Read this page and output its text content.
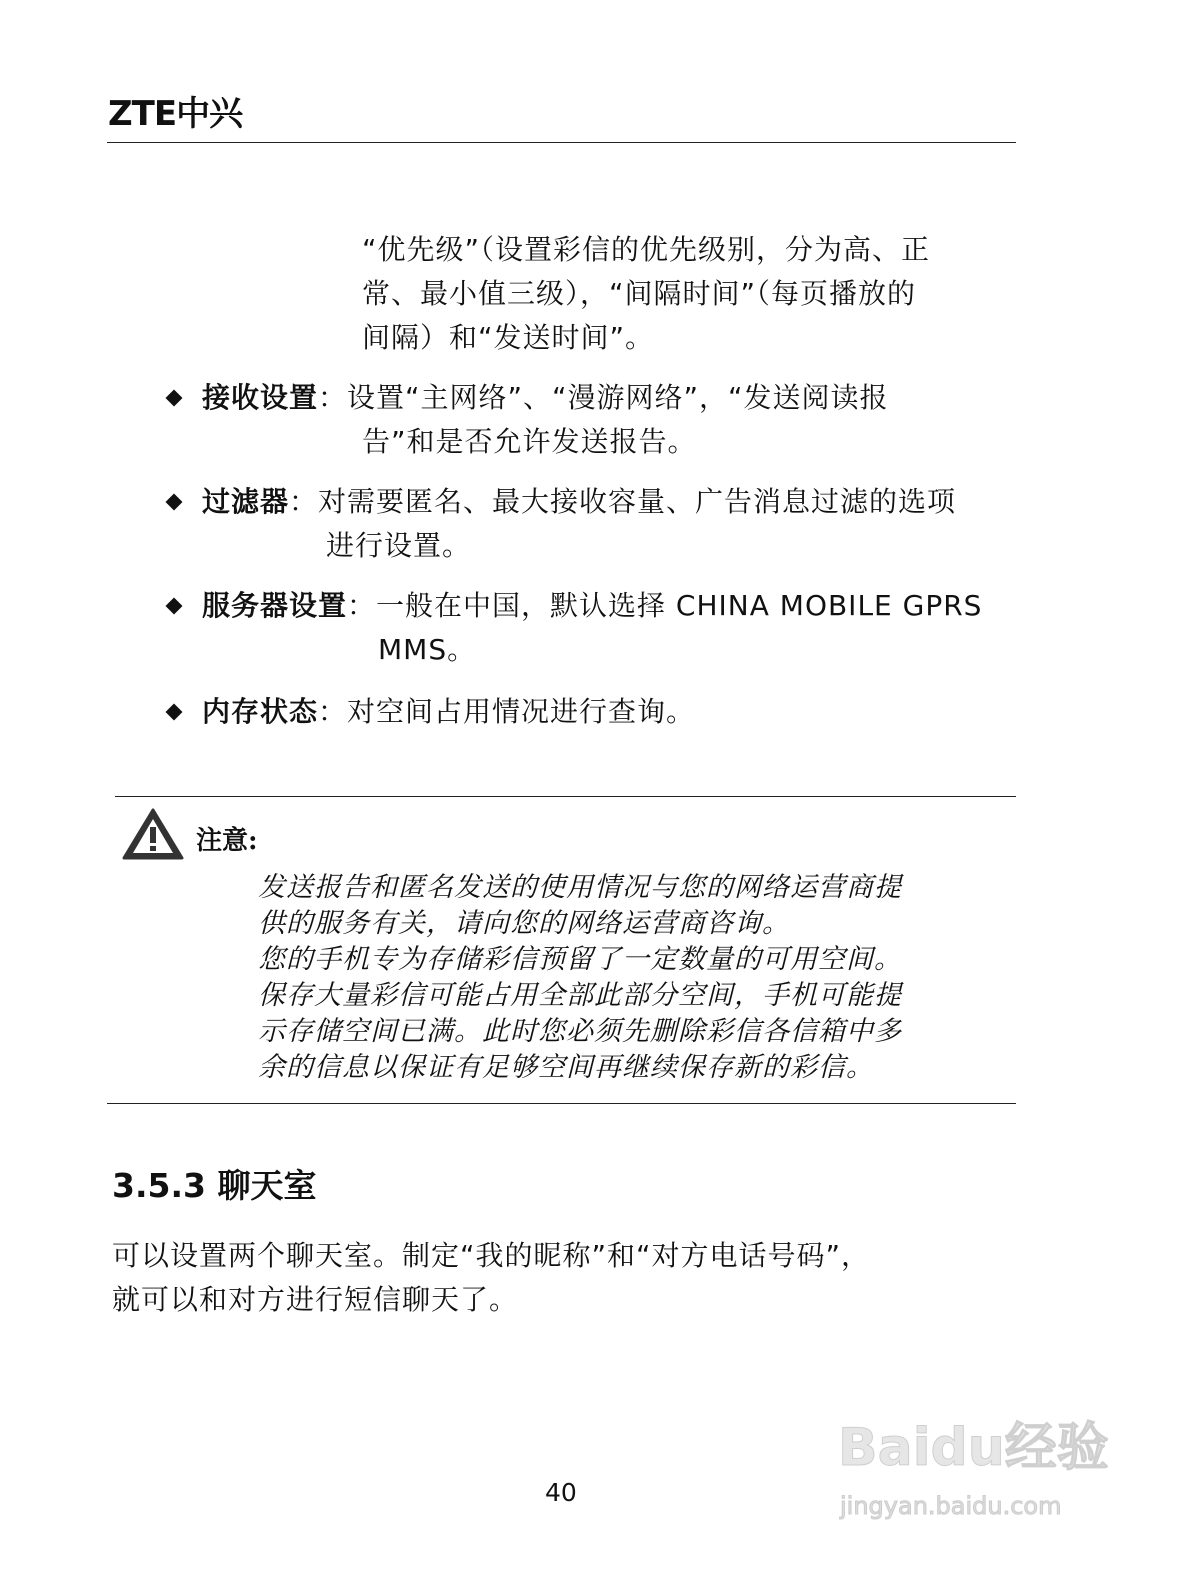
ZTE中兴
“优先级”（设置彩信的优先级别，分为高、正
常、最小值三级），“间隔时间”（每页播放的
间隔）和“发送时间”。
接收设置：设置“主网络”、“漫游网络”，“发送阅读报
告”和是否允许发送报告。
过滤器：对需要匿名、最大接收容量、广告消息过滤的选项
进行设置。
服务器设置：一般在中国，默认选择 CHINA MOBILE GPRS
MMS。
内存状态：对空间占用情况进行查询。
注意:
发送报告和匿名发送的使用情况与您的网络运营商提
供的服务有关，请向您的网络运营商咨询。
您的手机专为存储彩信预留了一定数量的可用空间。
保存大量彩信可能占用全部此部分空间，手机可能提
示存储空间已满。此时您必须先删除彩信各信箱中多
余的信息以保证有足够空间再继续保存新的彩信。
3.5.3 聊天室
可以设置两个聊天室。制定“我的昵称”和“对方电话号码”，
就可以和对方进行短信聊天了。
40
Baidu经验
jingyan.baidu.com
